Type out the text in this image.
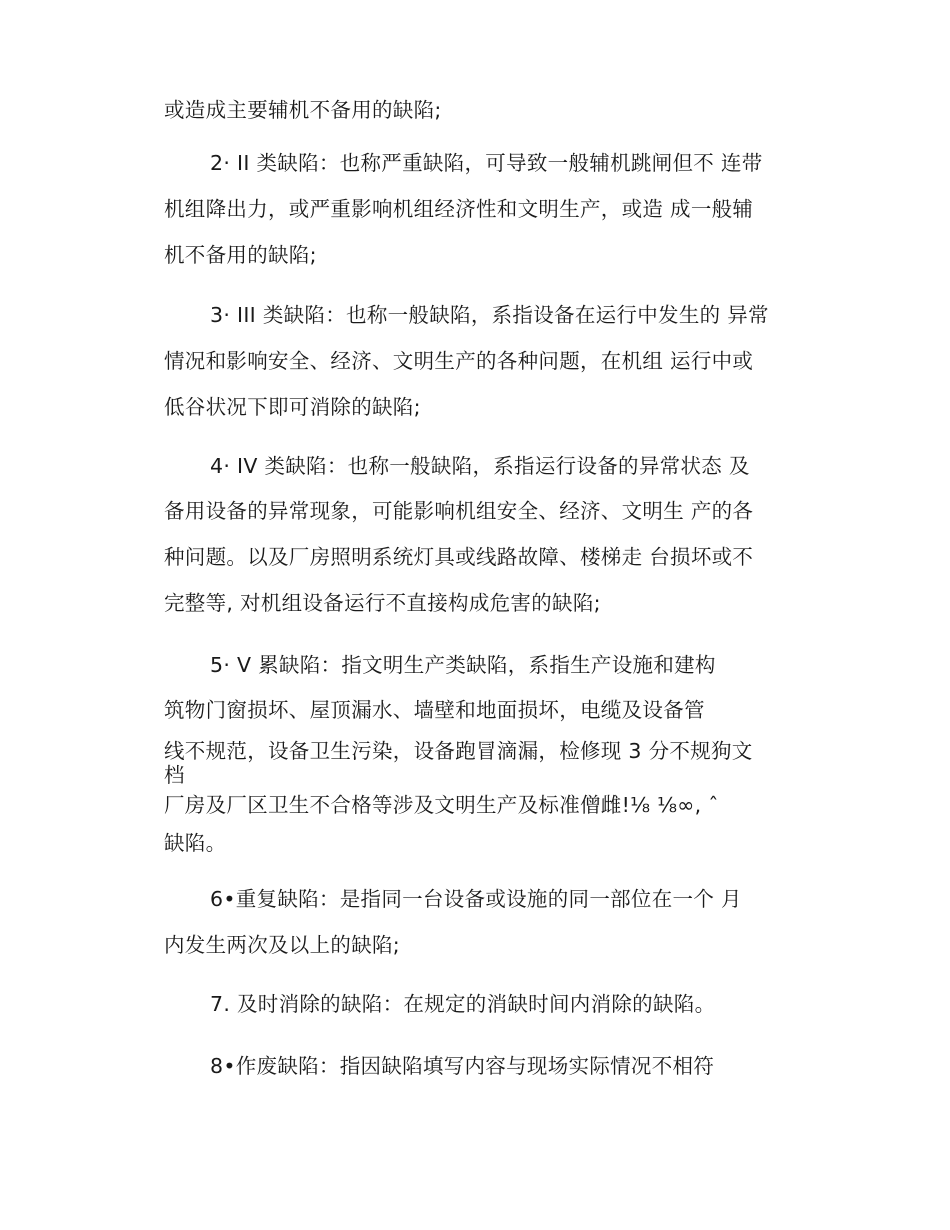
或造成主要辅机不备用的缺陷;
2· II 类缺陷：也称严重缺陷，可导致一般辅机跳闸但不 连带
机组降出力，或严重影响机组经济性和文明生产，或造 成一般辅
机不备用的缺陷;
3· III 类缺陷：也称一般缺陷，系指设备在运行中发生的 异常
情况和影响安全、经济、文明生产的各种问题，在机组 运行中或
低谷状况下即可消除的缺陷;
4· IV 类缺陷：也称一般缺陷，系指运行设备的异常状态 及
备用设备的异常现象，可能影响机组安全、经济、文明生 产的各
种问题。以及厂房照明系统灯具或线路故障、楼梯走 台损坏或不
完整等, 对机组设备运行不直接构成危害的缺陷;
5· V 累缺陷：指文明生产类缺陷，系指生产设施和建构
筑物门窗损坏、屋顶漏水、墙壁和地面损坏，电缆及设备管
线不规范，设备卫生污染，设备跑冒滴漏，检修现 3 分不规狗文
档
厂房及厂区卫生不合格等涉及文明生产及标准僧雌!⅛ ⅛∞, ˆ
缺陷。
6•重复缺陷：是指同一台设备或设施的同一部位在一个 月
内发生两次及以上的缺陷;
7. 及时消除的缺陷：在规定的消缺时间内消除的缺陷。
8•作废缺陷：指因缺陷填写内容与现场实际情况不相符
